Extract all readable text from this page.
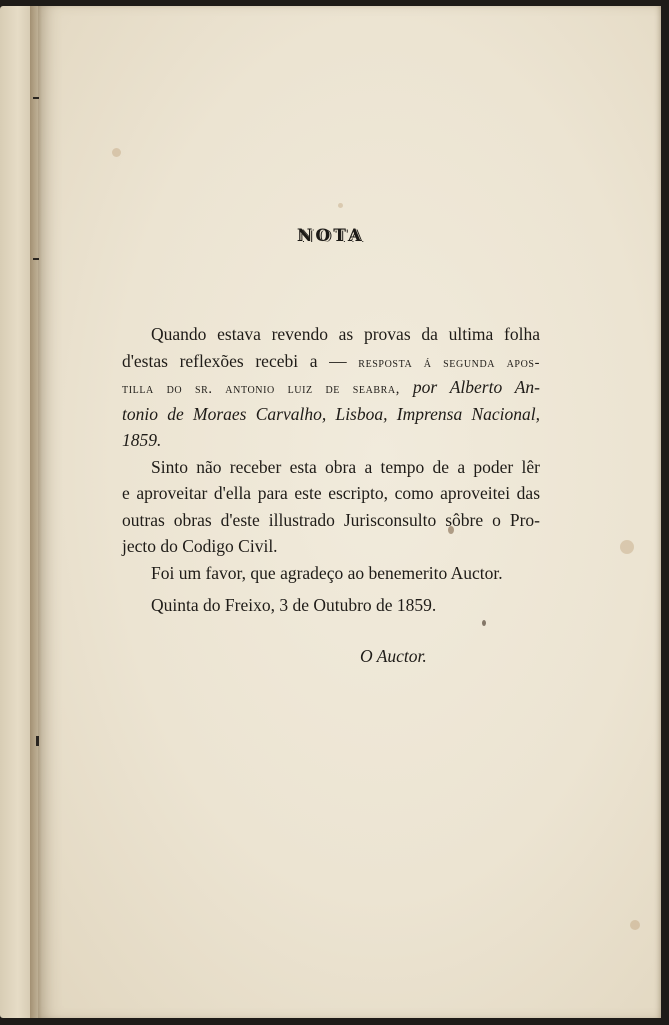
NOTA
Quando estava revendo as provas da ultima folha
d'estas reflexões recebi a — resposta á segunda apos-
tilla do sr. antonio luiz de seabra, por Alberto An-
tonio de Moraes Carvalho, Lisboa, Imprensa Nacional,
1859.
Sinto não receber esta obra a tempo de a poder lêr
e aproveitar d'ella para este escripto, como aproveitei das
outras obras d'este illustrado Jurisconsulto sôbre o Pro-
jecto do Codigo Civil.
Foi um favor, que agradeço ao benemerito Auctor.
Quinta do Freixo, 3 de Outubro de 1859.
O Auctor.
